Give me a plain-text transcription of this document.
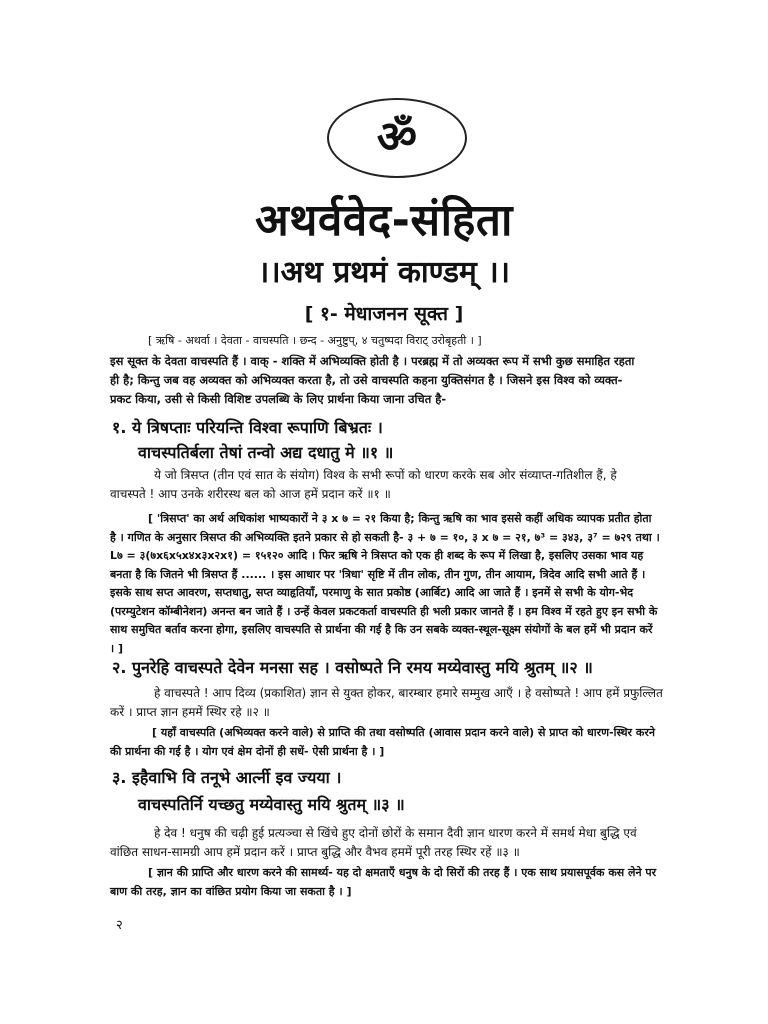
ॐ
अथर्ववेद-संहिता
।।अथ प्रथमं काण्डम् ।।
[ १- मेधाजनन सूक्त ]

[ ऋषि - अथर्वा । देवता - वाचस्पति । छन्द - अनुष्टुप्, ४ चतुष्पदा विराट् उरोबृहती । ]

इस सूक्त के देवता वाचस्पति हैं । वाक् - शक्ति में अभिव्यक्ति होती है । परब्रह्म में तो अव्यक्त रूप में सभी कुछ समाहित रहता ही है; किन्तु जब वह अव्यक्त को अभिव्यक्त करता है, तो उसे वाचस्पति कहना युक्तिसंगत है । जिसने इस विश्व को व्यक्त- प्रकट किया, उसी से किसी विशिष्ट उपलब्धि के लिए प्रार्थना किया जाना उचित है-

१. ये त्रिषप्ताः परियन्ति विश्वा रूपाणि बिभ्रतः ।

वाचस्पतिर्बला तेषां तन्वो अद्य दधातु मे ॥१ ॥

ये जो त्रिसप्त (तीन एवं सात के संयोग) विश्व के सभी रूपों को धारण करके सब ओर संव्याप्त-गतिशील हैं, हे वाचस्पते ! आप उनके शरीरस्थ बल को आज हमें प्रदान करें ॥१ ॥

[ 'त्रिसप्त' का अर्थ अधिकांश भाष्यकारों ने ३ x ७ = २१ किया है; किन्तु ऋषि का भाव इससे कहीं अधिक व्यापक प्रतीत होता है । गणित के अनुसार त्रिसप्त की अभिव्यक्ति इतने प्रकार से हो सकती है- ३ + ७ = १०, ३ x ७ = २१, ७³ = ३४३, ३⁷ = ७२९ तथा । L७ = ३(७x६x५x४x३x२x१) = १५१२० आदि । फिर ऋषि ने त्रिसप्त को एक ही शब्द के रूप में लिखा है, इसलिए उसका भाव यह बनता है कि जितने भी त्रिसप्त हैं ...... । इस आधार पर 'त्रिधा' सृष्टि में तीन लोक, तीन गुण, तीन आयाम, त्रिदेव आदि सभी आते हैं । इसके साथ सप्त आवरण, सप्तधातु, सप्त व्याहृतियाँ, परमाणु के सात प्रकोष्ठ (आर्बिट) आदि आ जाते हैं । इनमें से सभी के योग-भेद (परम्युटेशन कॉम्बीनेशन) अनन्त बन जाते हैं । उन्हें केवल प्रकटकर्ता वाचस्पति ही भली प्रकार जानते हैं । हम विश्व में रहते हुए इन सभी के साथ समुचित बर्ताव करना होगा, इसलिए वाचस्पति से प्रार्थना की गई है कि उन सबके व्यक्त-स्थूल-सूक्ष्म संयोगों के बल हमें भी प्रदान करें । ]

२. पुनरेहि वाचस्पते देवेन मनसा सह । वसोष्पते नि रमय मय्येवास्तु मयि श्रुतम् ॥२ ॥

हे वाचस्पते ! आप दिव्य (प्रकाशित) ज्ञान से युक्त होकर, बारम्बार हमारे सम्मुख आएँ । हे वसोष्पते ! आप हमें प्रफुल्लित करें । प्राप्त ज्ञान हममें स्थिर रहे ॥२ ॥

[ यहाँ वाचस्पति (अभिव्यक्त करने वाले) से प्राप्ति की तथा वसोष्पति (आवास प्रदान करने वाले) से प्राप्त को धारण-स्थिर करने की प्रार्थना की गई है । योग एवं क्षेम दोनों ही सधें- ऐसी प्रार्थना है । ]

३. इहैवाभि वि तनूभे आर्त्नी इव ज्यया ।

वाचस्पतिर्नि यच्छतु मय्येवास्तु मयि श्रुतम् ॥३ ॥

हे देव ! धनुष की चढ़ी हुई प्रत्यञ्चा से खिंचे हुए दोनों छोरों के समान दैवी ज्ञान धारण करने में समर्थ मेधा बुद्धि एवं वांछित साधन-सामग्री आप हमें प्रदान करें । प्राप्त बुद्धि और वैभव हममें पूरी तरह स्थिर रहें ॥३ ॥

[ ज्ञान की प्राप्ति और धारण करने की सामर्थ्य- यह दो क्षमताएँ धनुष के दो सिरों की तरह हैं । एक साथ प्रयासपूर्वक कस लेने पर बाण की तरह, ज्ञान का वांछित प्रयोग किया जा सकता है । ]

२
